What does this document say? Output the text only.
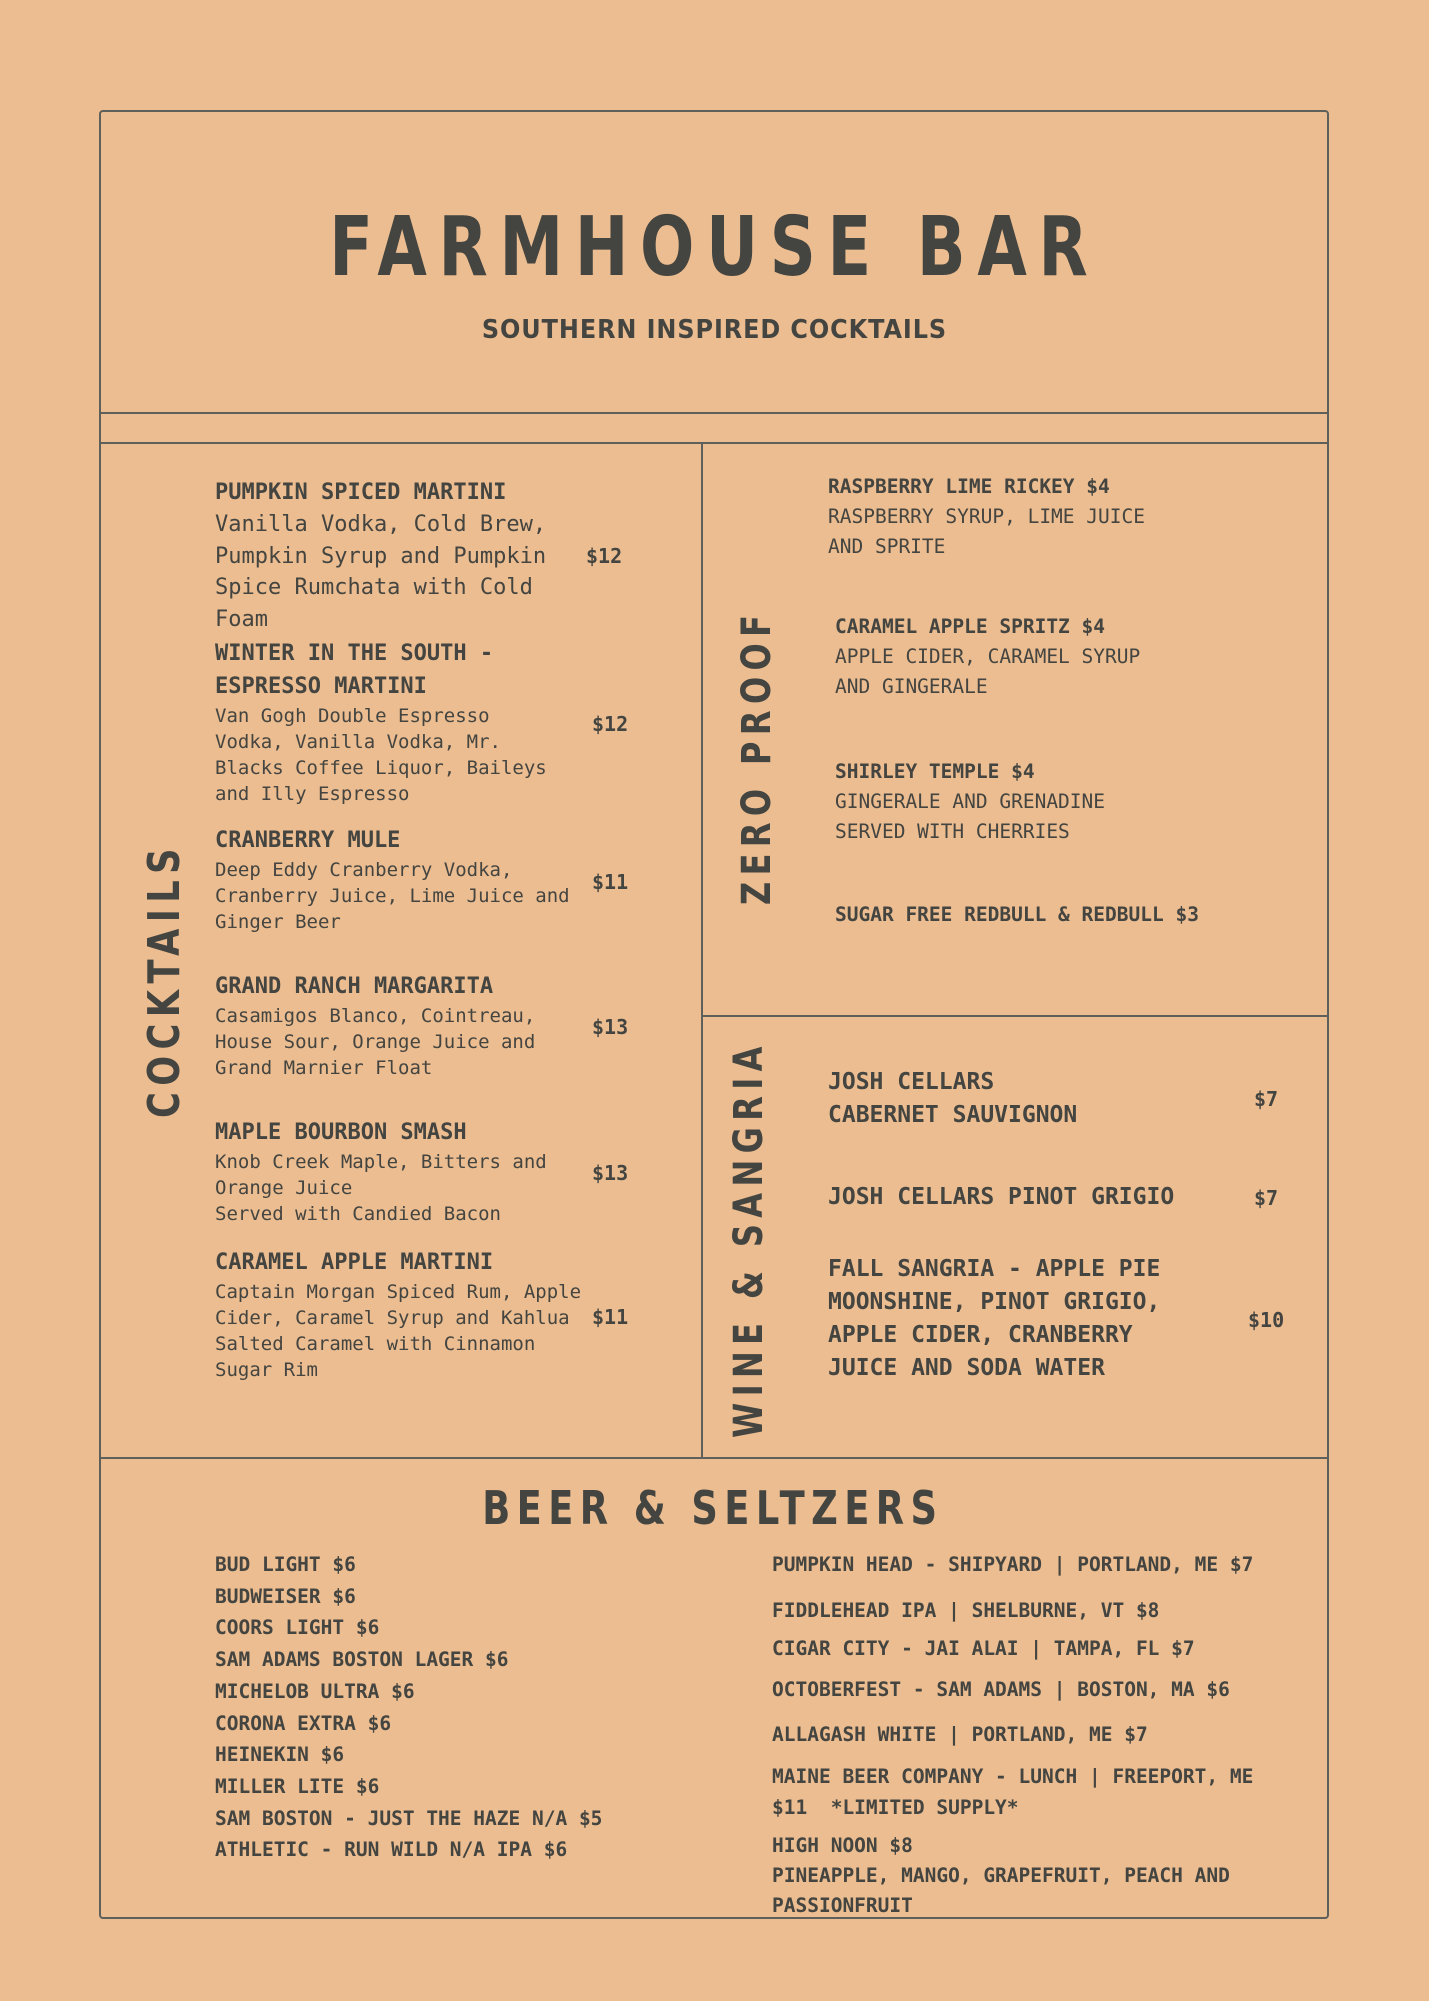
FARMHOUSE BAR
SOUTHERN INSPIRED COCKTAILS
COCKTAILS
ZERO PROOF
WINE & SANGRIA
PUMPKIN SPICED MARTINI
Vanilla Vodka, Cold Brew, Pumpkin Syrup and Pumpkin Spice Rumchata with Cold Foam
$12
WINTER IN THE SOUTH -
ESPRESSO MARTINI
Van Gogh Double Espresso Vodka, Vanilla Vodka, Mr. Blacks Coffee Liquor, Baileys and Illy Espresso
$12
CRANBERRY MULE
Deep Eddy Cranberry Vodka, Cranberry Juice, Lime Juice and Ginger Beer
$11
GRAND RANCH MARGARITA
Casamigos Blanco, Cointreau, House Sour, Orange Juice and Grand Marnier Float
$13
MAPLE BOURBON SMASH
Knob Creek Maple, Bitters and Orange Juice
Served with Candied Bacon
$13
CARAMEL APPLE MARTINI
Captain Morgan Spiced Rum, Apple Cider, Caramel Syrup and Kahlua Salted Caramel with Cinnamon Sugar Rim
$11
RASPBERRY LIME RICKEY $4
RASPBERRY SYRUP, LIME JUICE
AND SPRITE
CARAMEL APPLE SPRITZ $4
APPLE CIDER, CARAMEL SYRUP
AND GINGERALE
SHIRLEY TEMPLE $4
GINGERALE AND GRENADINE
SERVED WITH CHERRIES
SUGAR FREE REDBULL & REDBULL $3
JOSH CELLARS
CABERNET SAUVIGNON
$7
JOSH CELLARS PINOT GRIGIO	$7
FALL SANGRIA - APPLE PIE
MOONSHINE, PINOT GRIGIO,
APPLE CIDER, CRANBERRY
JUICE AND SODA WATER
$10
BEER & SELTZERS
BUD LIGHT $6
BUDWEISER $6
COORS LIGHT $6
SAM ADAMS BOSTON LAGER $6
MICHELOB ULTRA $6
CORONA EXTRA $6
HEINEKIN $6
MILLER LITE $6
SAM BOSTON - JUST THE HAZE N/A $5
ATHLETIC - RUN WILD N/A IPA $6
PUMPKIN HEAD - SHIPYARD | PORTLAND, ME $7
FIDDLEHEAD IPA | SHELBURNE, VT $8
CIGAR CITY - JAI ALAI | TAMPA, FL $7
OCTOBERFEST - SAM ADAMS | BOSTON, MA $6
ALLAGASH WHITE | PORTLAND, ME $7
MAINE BEER COMPANY - LUNCH | FREEPORT, ME
$11  *LIMITED SUPPLY*
HIGH NOON $8
PINEAPPLE, MANGO, GRAPEFRUIT, PEACH AND
PASSIONFRUIT
